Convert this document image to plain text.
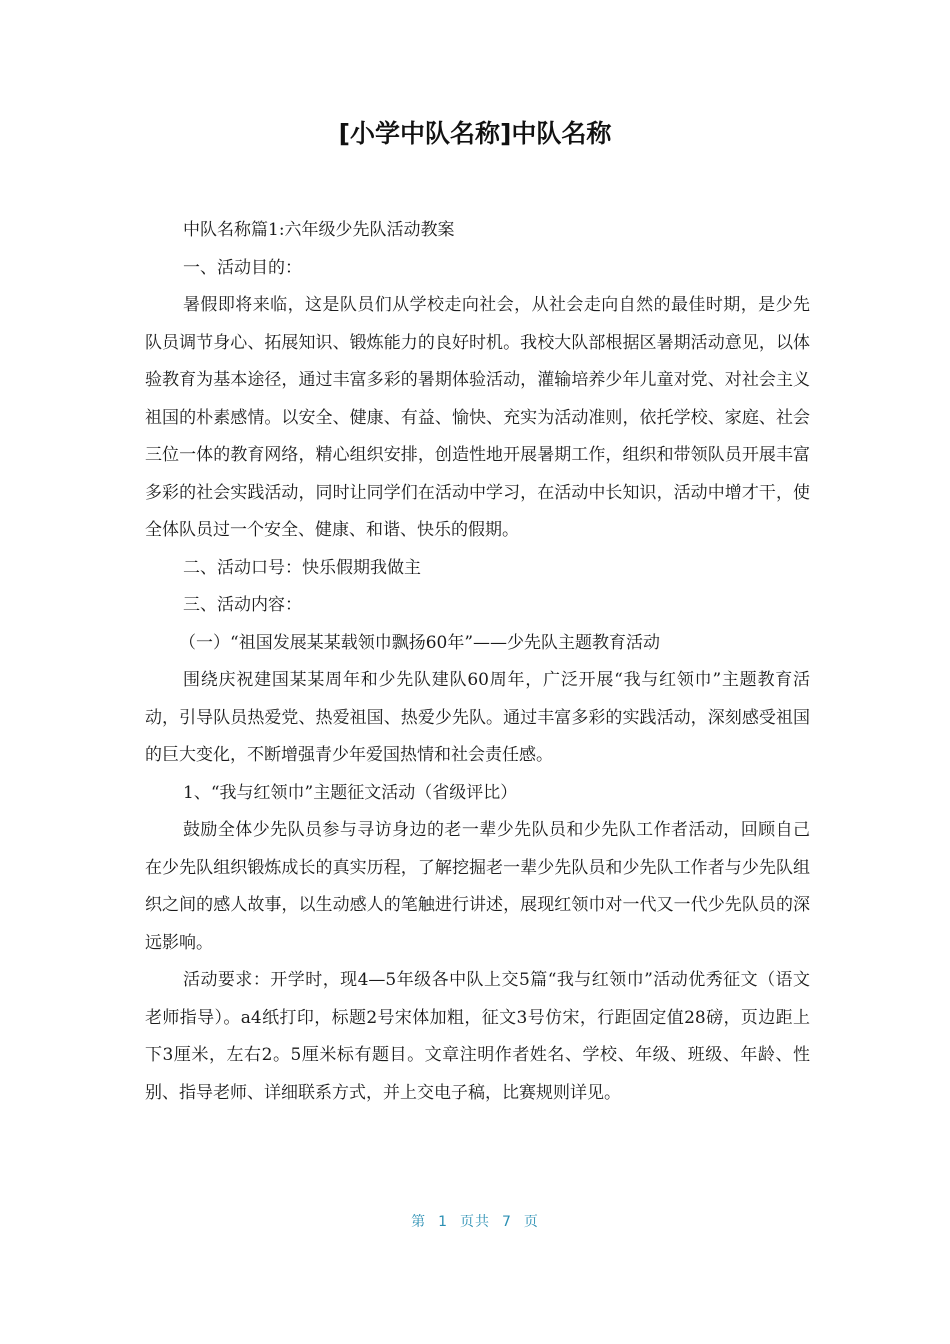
[小学中队名称]中队名称

中队名称篇1:六年级少先队活动教案

一、活动目的：

暑假即将来临，这是队员们从学校走向社会，从社会走向自然的最佳时期，是少先队员调节身心、拓展知识、锻炼能力的良好时机。我校大队部根据区暑期活动意见，以体验教育为基本途径，通过丰富多彩的暑期体验活动，灌输培养少年儿童对党、对社会主义祖国的朴素感情。以安全、健康、有益、愉快、充实为活动准则，依托学校、家庭、社会三位一体的教育网络，精心组织安排，创造性地开展暑期工作，组织和带领队员开展丰富多彩的社会实践活动，同时让同学们在活动中学习，在活动中长知识，活动中增才干，使全体队员过一个安全、健康、和谐、快乐的假期。

二、活动口号：快乐假期我做主

三、活动内容：

（一）“祖国发展某某载领巾飘扬60年”——少先队主题教育活动

围绕庆祝建国某某周年和少先队建队60周年，广泛开展“我与红领巾”主题教育活动，引导队员热爱党、热爱祖国、热爱少先队。通过丰富多彩的实践活动，深刻感受祖国的巨大变化，不断增强青少年爱国热情和社会责任感。

1、“我与红领巾”主题征文活动（省级评比）

鼓励全体少先队员参与寻访身边的老一辈少先队员和少先队工作者活动，回顾自己在少先队组织锻炼成长的真实历程，了解挖掘老一辈少先队员和少先队工作者与少先队组织之间的感人故事，以生动感人的笔触进行讲述，展现红领巾对一代又一代少先队员的深远影响。

活动要求：开学时，现4—5年级各中队上交5篇“我与红领巾”活动优秀征文（语文老师指导）。a4纸打印，标题2号宋体加粗，征文3号仿宋，行距固定值28磅，页边距上下3厘米，左右2。5厘米标有题目。文章注明作者姓名、学校、年级、班级、年龄、性别、指导老师、详细联系方式，并上交电子稿，比赛规则详见。

第 1 页共 7 页
